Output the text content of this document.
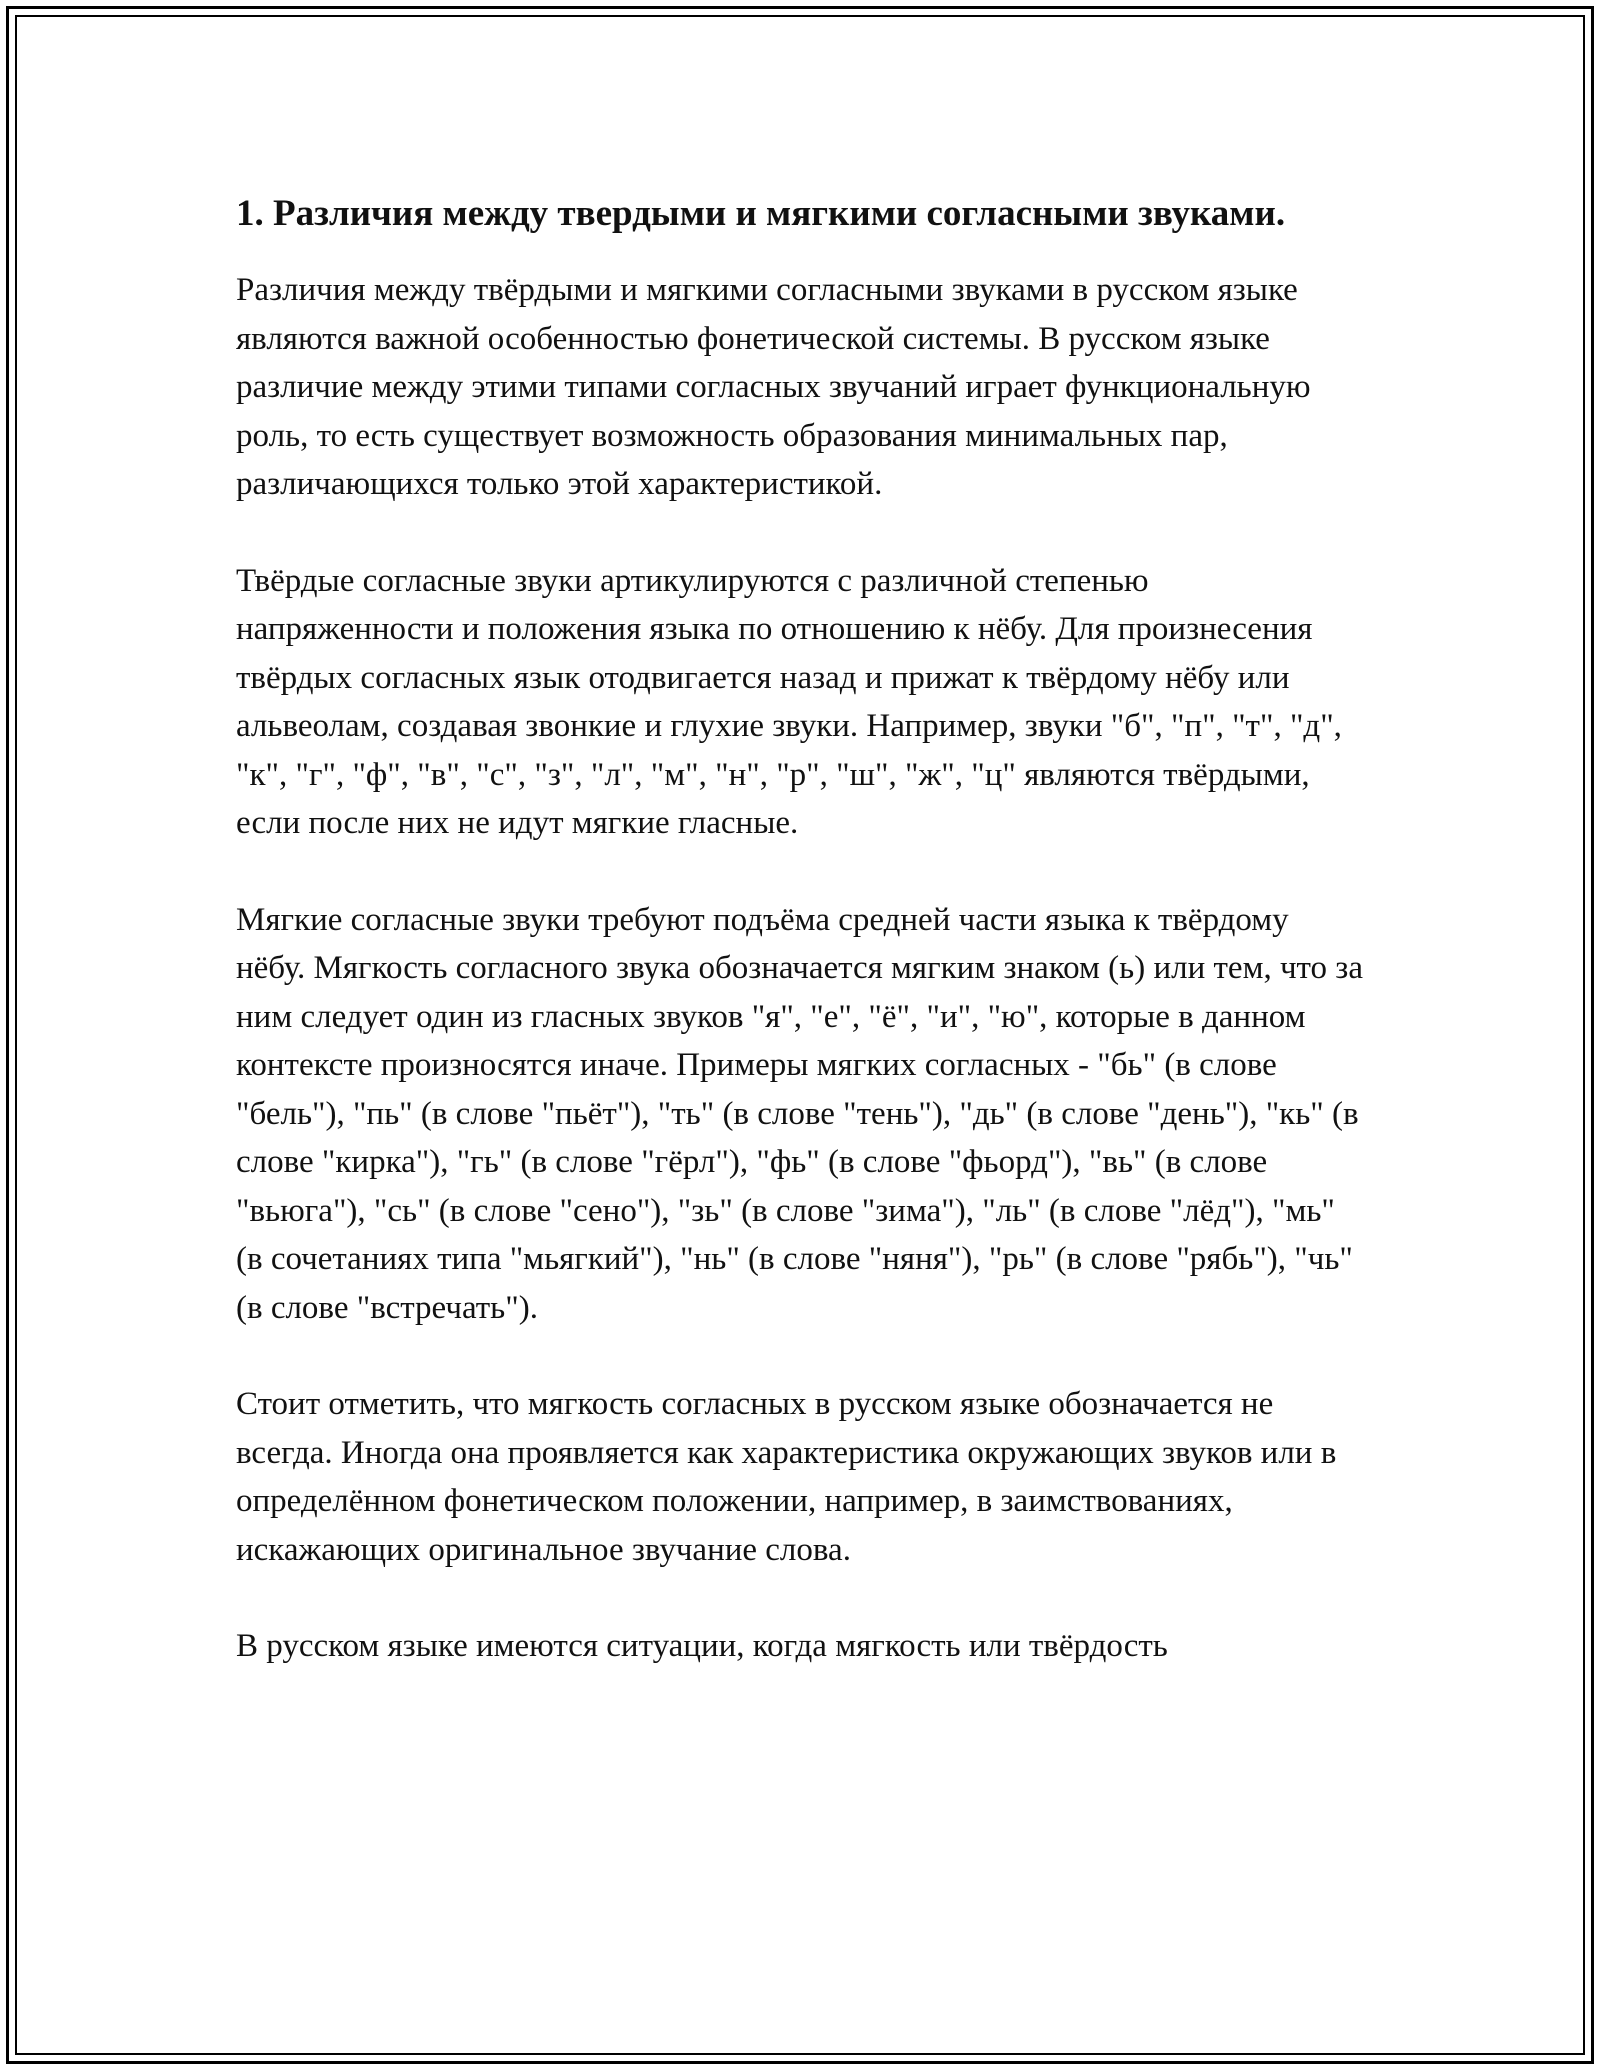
1. Различия между твердыми и мягкими согласными звуками.

Различия между твёрдыми и мягкими согласными звуками в русском языке являются важной особенностью фонетической системы. В русском языке различие между этими типами согласных звучаний играет функциональную роль, то есть существует возможность образования минимальных пар, различающихся только этой характеристикой.

Твёрдые согласные звуки артикулируются с различной степенью напряженности и положения языка по отношению к нёбу. Для произнесения твёрдых согласных язык отодвигается назад и прижат к твёрдому нёбу или альвеолам, создавая звонкие и глухие звуки. Например, звуки "б", "п", "т", "д", "к", "г", "ф", "в", "с", "з", "л", "м", "н", "р", "ш", "ж", "ц" являются твёрдыми, если после них не идут мягкие гласные.

Мягкие согласные звуки требуют подъёма средней части языка к твёрдому нёбу. Мягкость согласного звука обозначается мягким знаком (ь) или тем, что за ним следует один из гласных звуков "я", "е", "ё", "и", "ю", которые в данном контексте произносятся иначе. Примеры мягких согласных - "бь" (в слове "бель"), "пь" (в слове "пьёт"), "ть" (в слове "тень"), "дь" (в слове "день"), "кь" (в слове "кирка"), "гь" (в слове "гёрл"), "фь" (в слове "фьорд"), "вь" (в слове "вьюга"), "сь" (в слове "сено"), "зь" (в слове "зима"), "ль" (в слове "лёд"), "мь" (в сочетаниях типа "мьягкий"), "нь" (в слове "няня"), "рь" (в слове "рябь"), "чь" (в слове "встречать").

Стоит отметить, что мягкость согласных в русском языке обозначается не всегда. Иногда она проявляется как характеристика окружающих звуков или в определённом фонетическом положении, например, в заимствованиях, искажающих оригинальное звучание слова.

В русском языке имеются ситуации, когда мягкость или твёрдость
